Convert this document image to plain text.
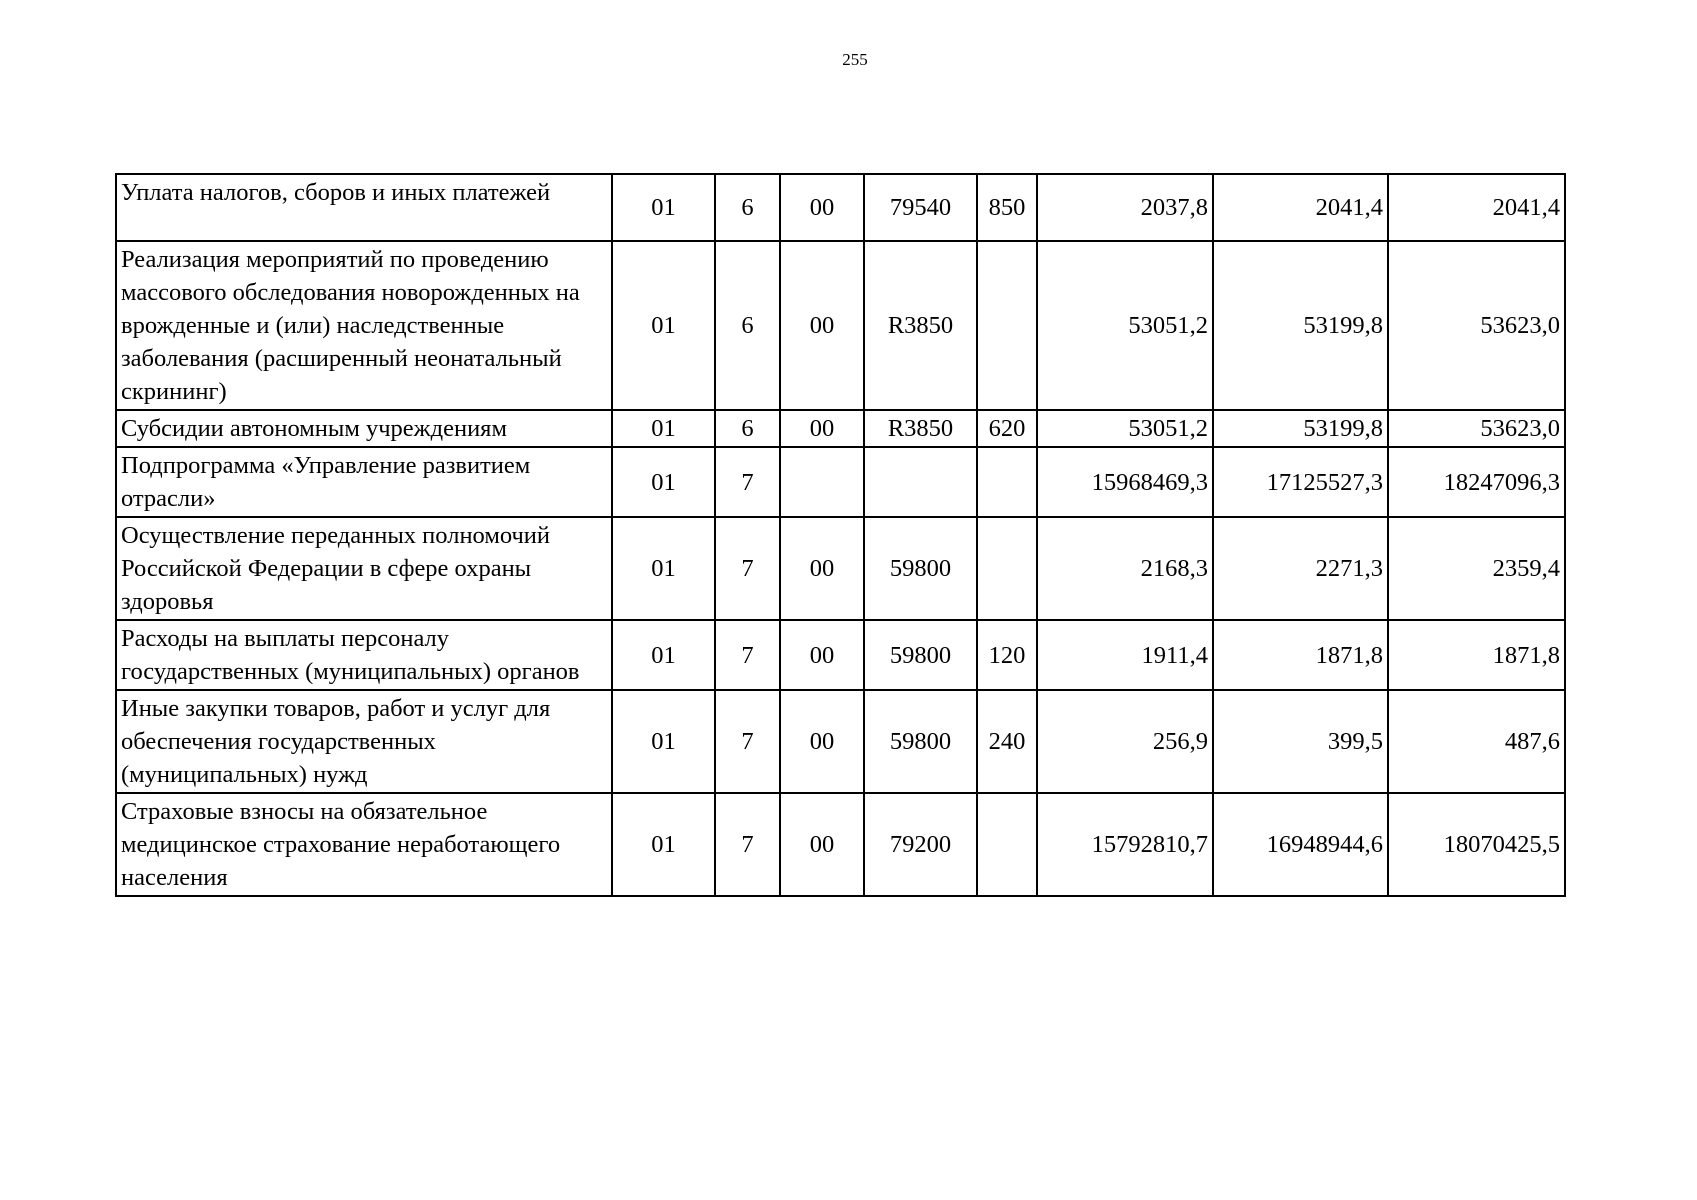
255
Уплата налогов, сборов и иных платежей	01	6	00	79540	850	2037,8	2041,4	2041,4
Реализация мероприятий по проведению массового обследования новорожденных на врожденные и (или) наследственные заболевания (расширенный неонатальный скрининг)	01	6	00	R3850		53051,2	53199,8	53623,0
Субсидии автономным учреждениям	01	6	00	R3850	620	53051,2	53199,8	53623,0
Подпрограмма «Управление развитием отрасли»	01	7				15968469,3	17125527,3	18247096,3
Осуществление переданных полномочий Российской Федерации в сфере охраны здоровья	01	7	00	59800		2168,3	2271,3	2359,4
Расходы на выплаты персоналу государственных (муниципальных) органов	01	7	00	59800	120	1911,4	1871,8	1871,8
Иные закупки товаров, работ и услуг для обеспечения государственных (муниципальных) нужд	01	7	00	59800	240	256,9	399,5	487,6
Страховые взносы на обязательное медицинское страхование неработающего населения	01	7	00	79200		15792810,7	16948944,6	18070425,5
